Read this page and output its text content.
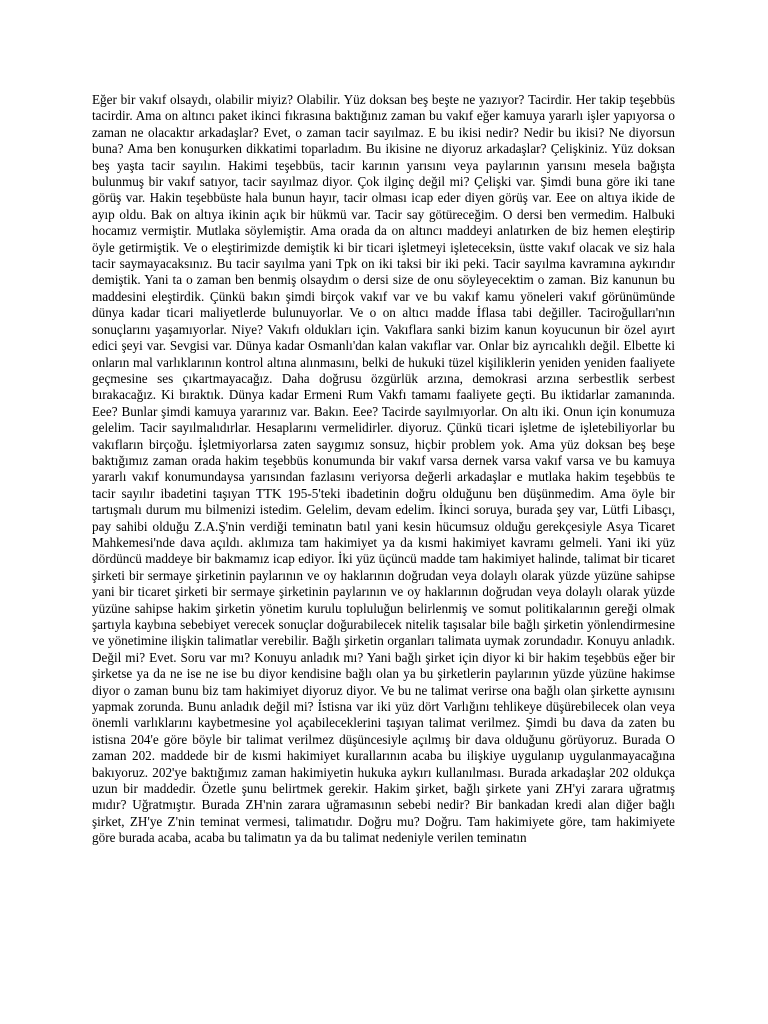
Eğer bir vakıf olsaydı, olabilir miyiz? Olabilir. Yüz doksan beş beşte ne yazıyor? Tacirdir. Her takip teşebbüs tacirdir. Ama on altıncı paket ikinci fıkrasına baktığınız zaman bu vakıf eğer kamuya yararlı işler yapıyorsa o zaman ne olacaktır arkadaşlar? Evet, o zaman tacir sayılmaz. E bu ikisi nedir? Nedir bu ikisi? Ne diyorsun buna? Ama ben konuşurken dikkatimi toparladım. Bu ikisine ne diyoruz arkadaşlar? Çelişkiniz. Yüz doksan beş yaşta tacir sayılın. Hakimi teşebbüs, tacir karının yarısını veya paylarının yarısını mesela bağışta bulunmuş bir vakıf satıyor, tacir sayılmaz diyor. Çok ilginç değil mi? Çelişki var. Şimdi buna göre iki tane görüş var. Hakin teşebbüste hala bunun hayır, tacir olması icap eder diyen görüş var. Eee on altıya ikide de ayıp oldu. Bak on altıya ikinin açık bir hükmü var. Tacir say götüreceğim. O dersi ben vermedim. Halbuki hocamız vermiştir. Mutlaka söylemiştir. Ama orada da on altıncı maddeyi anlatırken de biz hemen eleştirip öyle getirmiştik. Ve o eleştirimizde demiştik ki bir ticari işletmeyi işleteceksin, üstte vakıf olacak ve siz hala tacir saymayacaksınız. Bu tacir sayılma yani Tpk on iki taksi bir iki peki. Tacir sayılma kavramına aykırıdır demiştik. Yani ta o zaman ben benmiş olsaydım o dersi size de onu söyleyecektim o zaman. Biz kanunun bu maddesini eleştirdik. Çünkü bakın şimdi birçok vakıf var ve bu vakıf kamu yöneleri vakıf görünümünde dünya kadar ticari maliyetlerde bulunuyorlar. Ve o on altıcı madde İflasa tabi değiller. Taciroğulları'nın sonuçlarını yaşamıyorlar. Niye? Vakıfı oldukları için. Vakıflara sanki bizim kanun koyucunun bir özel ayırt edici şeyi var. Sevgisi var. Dünya kadar Osmanlı'dan kalan vakıflar var. Onlar biz ayrıcalıklı değil. Elbette ki onların mal varlıklarının kontrol altına alınmasını, belki de hukuki tüzel kişiliklerin yeniden yeniden faaliyete geçmesine ses çıkartmayacağız. Daha doğrusu özgürlük arzına, demokrasi arzına serbestlik serbest bırakacağız. Ki bıraktık. Dünya kadar Ermeni Rum Vakfı tamamı faaliyete geçti. Bu iktidarlar zamanında. Eee? Bunlar şimdi kamuya yararınız var. Bakın. Eee? Tacirde sayılmıyorlar. On altı iki. Onun için konumuza gelelim. Tacir sayılmalıdırlar. Hesaplarını vermelidirler. diyoruz. Çünkü ticari işletme de işletebiliyorlar bu vakıfların birçoğu. İşletmiyorlarsa zaten saygımız sonsuz, hiçbir problem yok. Ama yüz doksan beş beşe baktığımız zaman orada hakim teşebbüs konumunda bir vakıf varsa dernek varsa vakıf varsa ve bu kamuya yararlı vakıf konumundaysa yarısından fazlasını veriyorsa değerli arkadaşlar e mutlaka hakim teşebbüs te tacir sayılır ibadetini taşıyan TTK 195-5'teki ibadetinin doğru olduğunu ben düşünmedim. Ama öyle bir tartışmalı durum mu bilmenizi istedim. Gelelim, devam edelim. İkinci soruya, burada şey var, Lütfi Libasçı, pay sahibi olduğu Z.A.Ş'nin verdiği teminatın batıl yani kesin hücumsuz olduğu gerekçesiyle Asya Ticaret Mahkemesi'nde dava açıldı. aklımıza tam hakimiyet ya da kısmi hakimiyet kavramı gelmeli. Yani iki yüz dördüncü maddeye bir bakmamız icap ediyor. İki yüz üçüncü madde tam hakimiyet halinde, talimat bir ticaret şirketi bir sermaye şirketinin paylarının ve oy haklarının doğrudan veya dolaylı olarak yüzde yüzüne sahipse yani bir ticaret şirketi bir sermaye şirketinin paylarının ve oy haklarının doğrudan veya dolaylı olarak yüzde yüzüne sahipse hakim şirketin yönetim kurulu topluluğun belirlenmiş ve somut politikalarının gereği olmak şartıyla kaybına sebebiyet verecek sonuçlar doğurabilecek nitelik taşısalar bile bağlı şirketin yönlendirmesine ve yönetimine ilişkin talimatlar verebilir. Bağlı şirketin organları talimata uymak zorundadır. Konuyu anladık. Değil mi? Evet. Soru var mı? Konuyu anladık mı? Yani bağlı şirket için diyor ki bir hakim teşebbüs eğer bir şirketse ya da ne ise ne ise bu diyor kendisine bağlı olan ya bu şirketlerin paylarının yüzde yüzüne hakimse diyor o zaman bunu biz tam hakimiyet diyoruz diyor. Ve bu ne talimat verirse ona bağlı olan şirkette aynısını yapmak zorunda. Bunu anladık değil mi? İstisna var iki yüz dört Varlığını tehlikeye düşürebilecek olan veya önemli varlıklarını kaybetmesine yol açabileceklerini taşıyan talimat verilmez. Şimdi bu dava da zaten bu istisna 204'e göre böyle bir talimat verilmez düşüncesiyle açılmış bir dava olduğunu görüyoruz. Burada O zaman 202. maddede bir de kısmi hakimiyet kurallarının acaba bu ilişkiye uygulanıp uygulanmayacağına bakıyoruz. 202'ye baktığımız zaman hakimiyetin hukuka aykırı kullanılması. Burada arkadaşlar 202 oldukça uzun bir maddedir. Özetle şunu belirtmek gerekir. Hakim şirket, bağlı şirkete yani ZH'yi zarara uğratmış mıdır? Uğratmıştır. Burada ZH'nin zarara uğramasının sebebi nedir? Bir bankadan kredi alan diğer bağlı şirket, ZH'ye Z'nin teminat vermesi, talimatıdır. Doğru mu? Doğru. Tam hakimiyete göre, tam hakimiyete göre burada acaba, acaba bu talimatın ya da bu talimat nedeniyle verilen teminatın
